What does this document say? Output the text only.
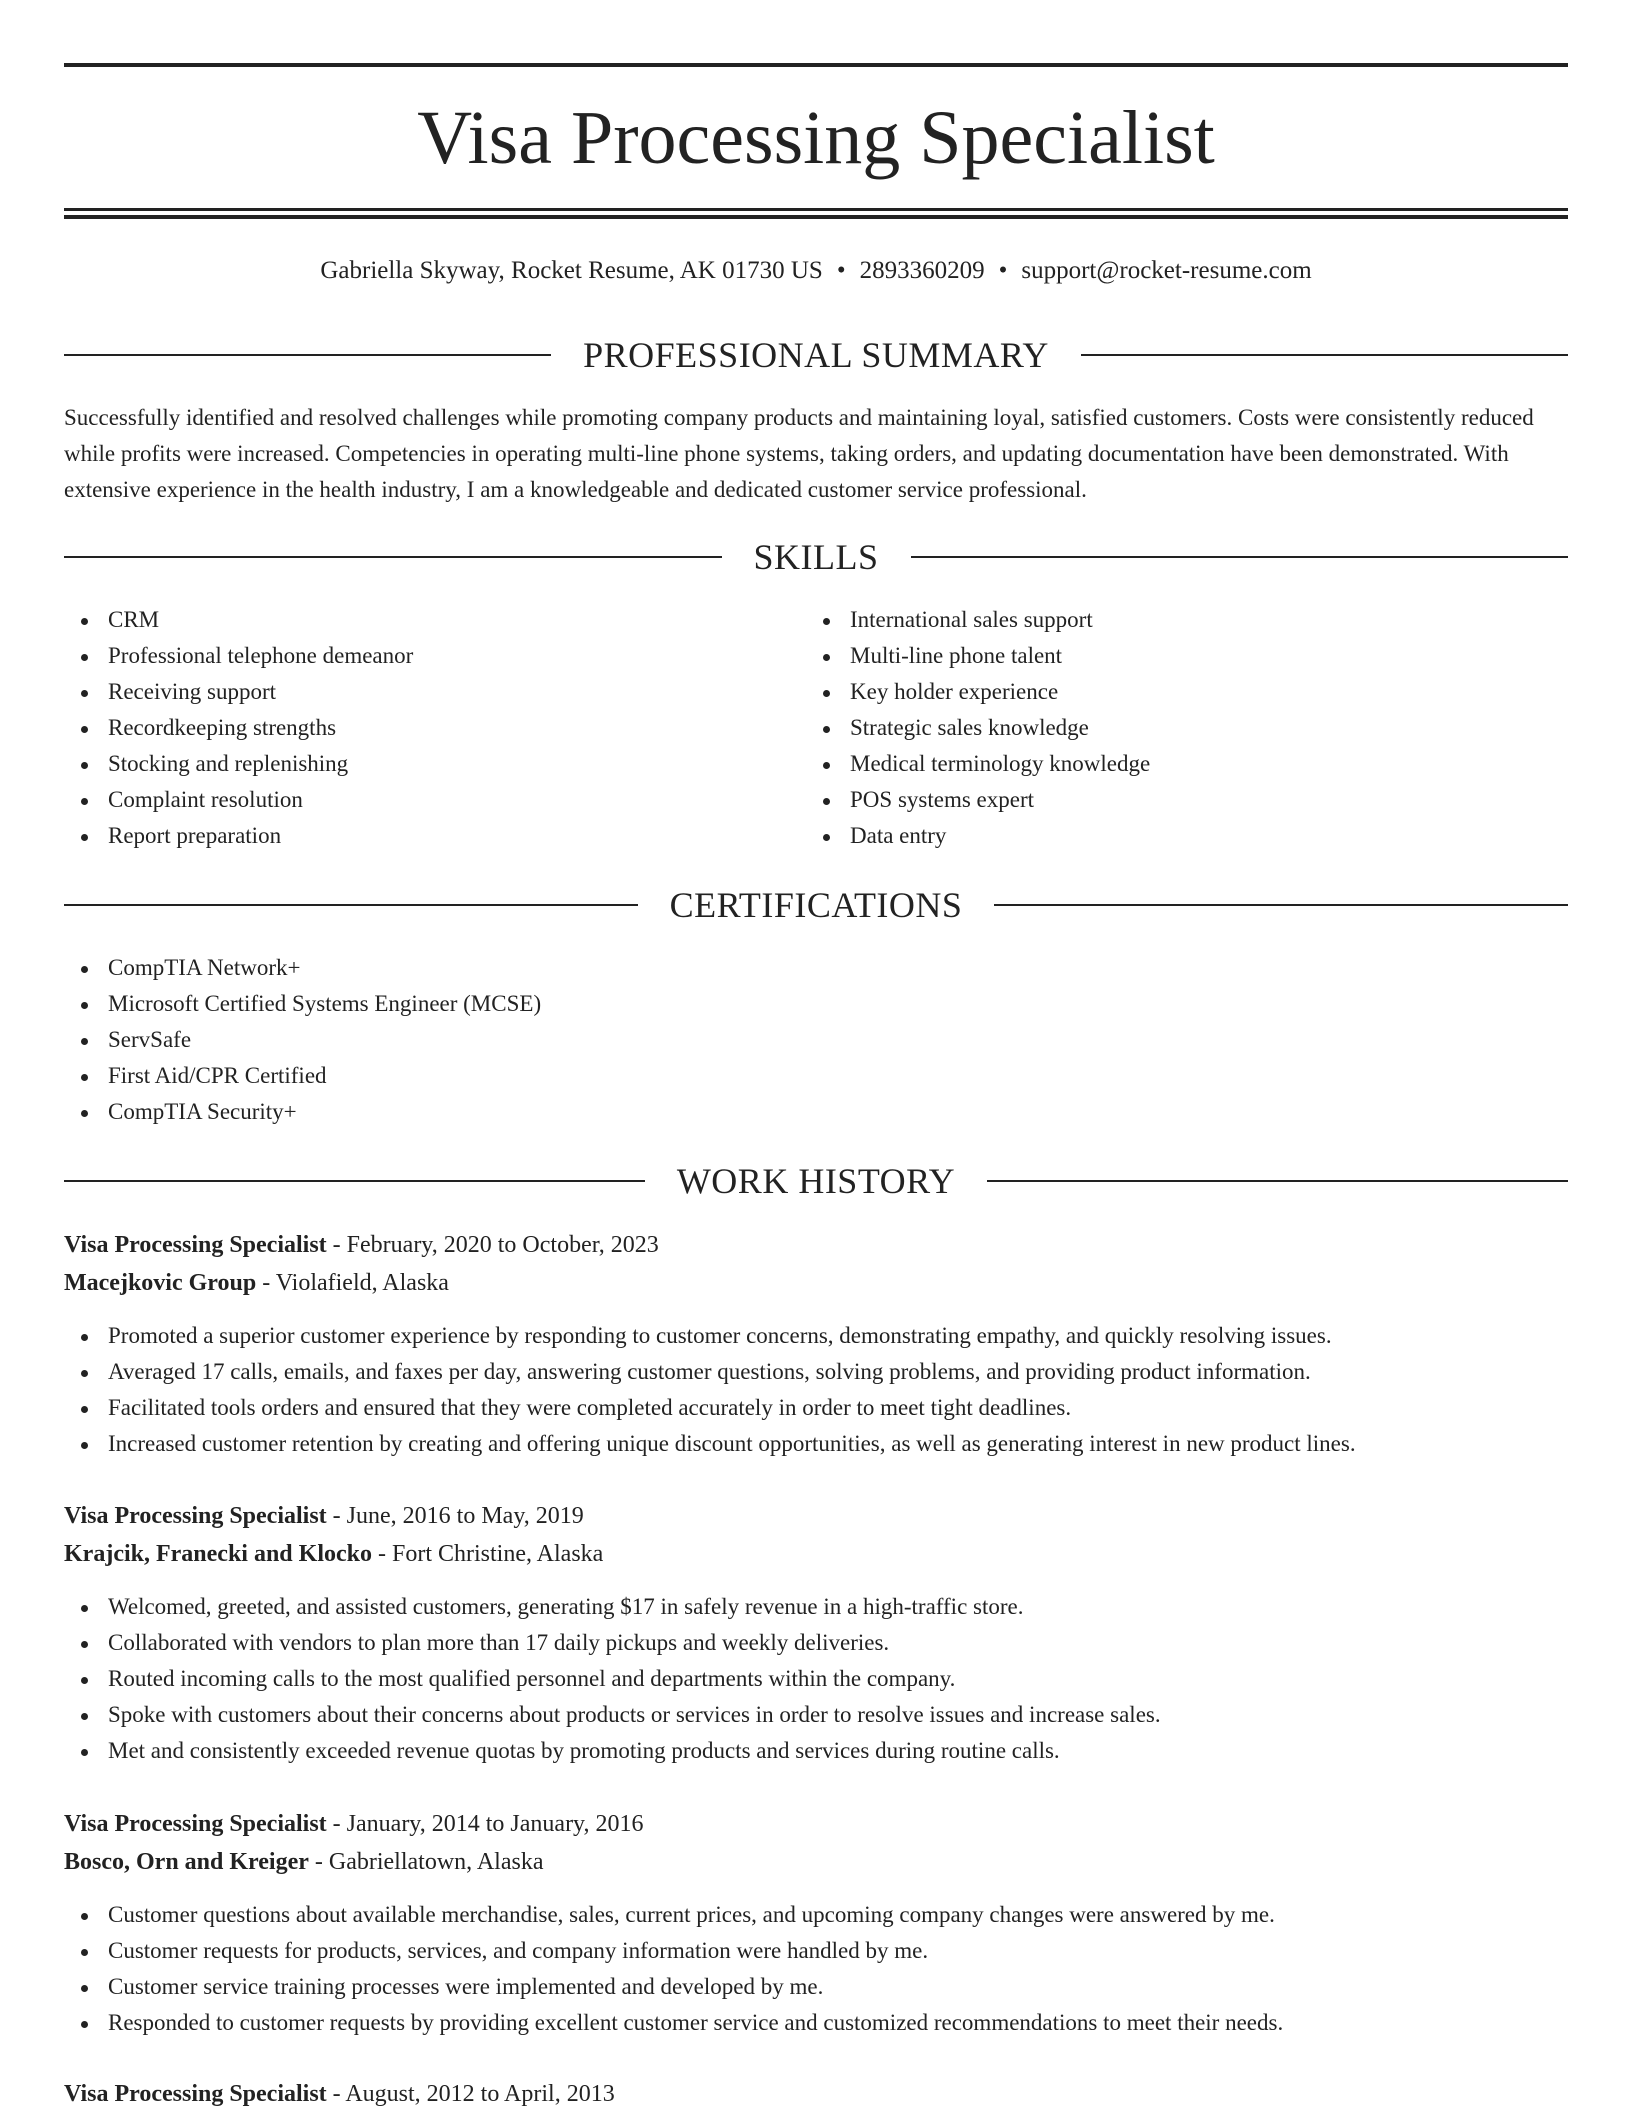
Visa Processing Specialist
Gabriella Skyway, Rocket Resume, AK 01730 US • 2893360209 • support@rocket-resume.com
PROFESSIONAL SUMMARY

Successfully identified and resolved challenges while promoting company products and maintaining loyal, satisfied customers. Costs were consistently reduced while profits were increased. Competencies in operating multi-line phone systems, taking orders, and updating documentation have been demonstrated. With extensive experience in the health industry, I am a knowledgeable and dedicated customer service professional.

SKILLS
CRM
Professional telephone demeanor
Receiving support
Recordkeeping strengths
Stocking and replenishing
Complaint resolution
Report preparation
International sales support
Multi-line phone talent
Key holder experience
Strategic sales knowledge
Medical terminology knowledge
POS systems expert
Data entry
CERTIFICATIONS
CompTIA Network+
Microsoft Certified Systems Engineer (MCSE)
ServSafe
First Aid/CPR Certified
CompTIA Security+
WORK HISTORY
Visa Processing Specialist - February, 2020 to October, 2023
Macejkovic Group - Violafield, Alaska
Promoted a superior customer experience by responding to customer concerns, demonstrating empathy, and quickly resolving issues.
Averaged 17 calls, emails, and faxes per day, answering customer questions, solving problems, and providing product information.
Facilitated tools orders and ensured that they were completed accurately in order to meet tight deadlines.
Increased customer retention by creating and offering unique discount opportunities, as well as generating interest in new product lines.
Visa Processing Specialist - June, 2016 to May, 2019
Krajcik, Franecki and Klocko - Fort Christine, Alaska
Welcomed, greeted, and assisted customers, generating $17 in safely revenue in a high-traffic store.
Collaborated with vendors to plan more than 17 daily pickups and weekly deliveries.
Routed incoming calls to the most qualified personnel and departments within the company.
Spoke with customers about their concerns about products or services in order to resolve issues and increase sales.
Met and consistently exceeded revenue quotas by promoting products and services during routine calls.
Visa Processing Specialist - January, 2014 to January, 2016
Bosco, Orn and Kreiger - Gabriellatown, Alaska
Customer questions about available merchandise, sales, current prices, and upcoming company changes were answered by me.
Customer requests for products, services, and company information were handled by me.
Customer service training processes were implemented and developed by me.
Responded to customer requests by providing excellent customer service and customized recommendations to meet their needs.
Visa Processing Specialist - August, 2012 to April, 2013
